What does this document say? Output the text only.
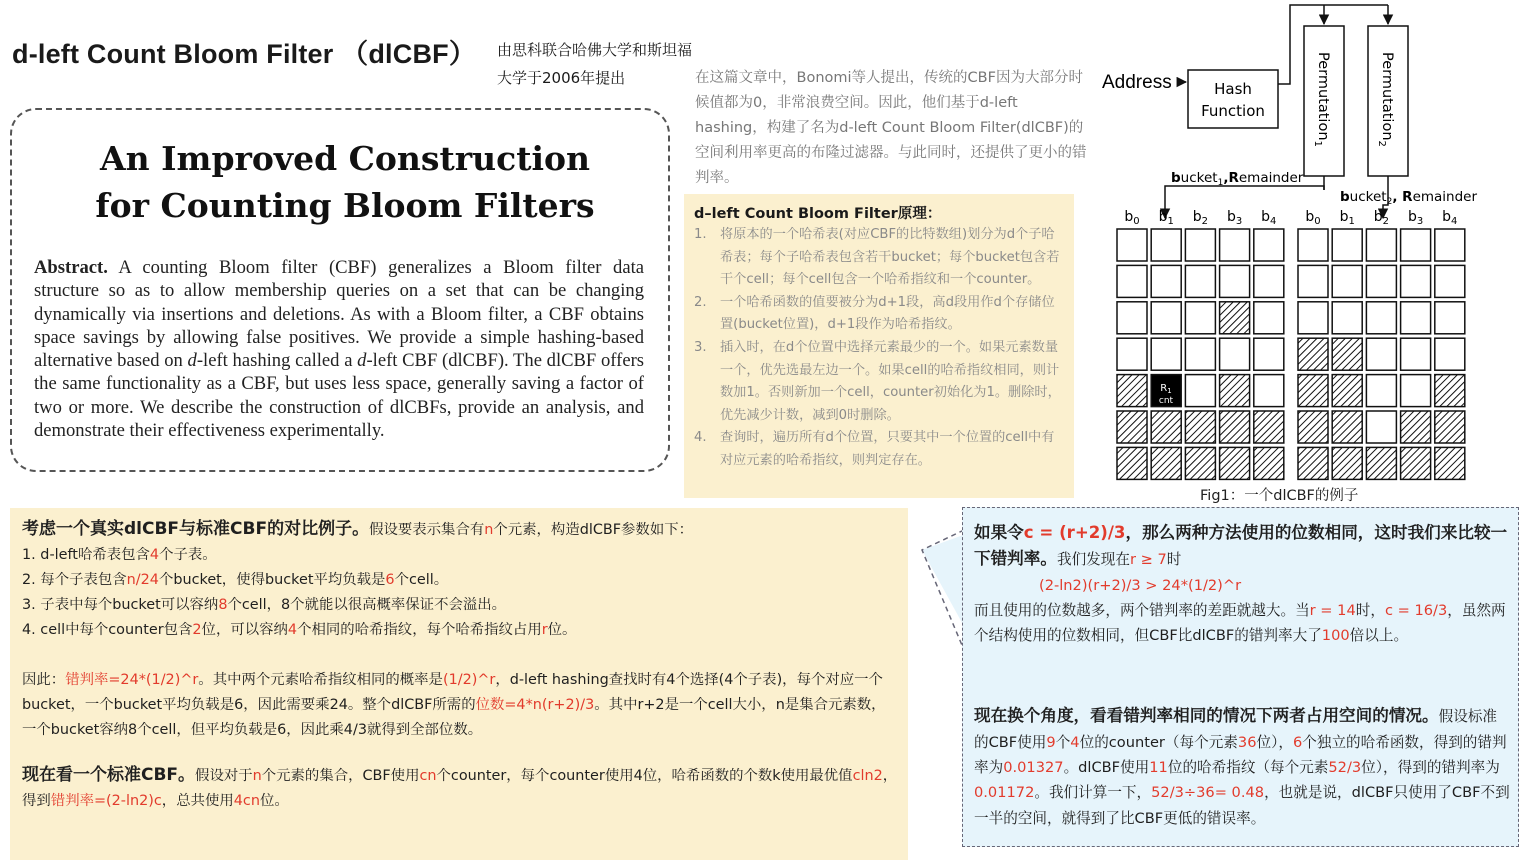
d-left Count Bloom Filter （dlCBF） 由思科联合哈佛大学和斯坦福大学于2006年提出
An Improved Construction
for Counting Bloom Filters
Abstract. A counting Bloom filter (CBF) generalizes a Bloom filter data structure so as to allow membership queries on a set that can be changing dynamically via insertions and deletions. As with a Bloom filter, a CBF obtains space savings by allowing false positives. We provide a simple hashing-based alternative based on d-left hashing called a d-left CBF (dlCBF). The dlCBF offers the same functionality as a CBF, but uses less space, generally saving a factor of two or more. We describe the construction of dlCBFs, provide an analysis, and demonstrate their effectiveness experimentally.
在这篇文章中，Bonomi等人提出，传统的CBF因为大部分时候值都为0，非常浪费空间。因此，他们基于d-left hashing，构建了名为d-left Count Bloom Filter(dlCBF)的空间利用率更高的布隆过滤器。与此同时，还提供了更小的错判率。
d–left Count Bloom Filter原理：
1. 将原本的一个哈希表(对应CBF的比特数组)划分为d个子哈希表；每个子哈希表包含若干bucket；每个bucket包含若干个cell；每个cell包含一个哈希指纹和一个counter。
2. 一个哈希函数的值要被分为d+1段，高d段用作d个存储位置(bucket位置)，d+1段作为哈希指纹。
3. 插入时，在d个位置中选择元素最少的一个。如果元素数量一个，优先选最左边一个。如果cell的哈希指纹相同，则计数加1。否则新加一个cell，counter初始化为1。删除时，优先减少计数，减到0时删除。
4. 查询时，遍历所有d个位置，只要其中一个位置的cell中有对应元素的哈希指纹，则判定存在。
Address	Hash
Function	Permutation$_1$
Permutation$_2$
bucket$_1$,Remainder
bucket$_2$, Remainder
$b_0$ $b_1$ $b_2$ $b_3$ $b_4$ $b_0$ $b_1$ $b_2$ $b_3$ $b_4$
$R_1$
cnt
Fig1：一个dlCBF的例子
考虑一个真实dlCBF与标准CBF的对比例子。假设要表示集合有n个元素，构造dlCBF参数如下：
1. d-left哈希表包含4个子表。
2. 每个子表包含n/24个bucket，使得bucket平均负载是6个cell。
3. 子表中每个bucket可以容纳8个cell，8个就能以很高概率保证不会溢出。
4. cell中每个counter包含2位，可以容纳4个相同的哈希指纹，每个哈希指纹占用r位。
因此：错判率=24*(1/2)^r。其中两个元素哈希指纹相同的概率是(1/2)^r，d-left hashing查找时有4个选择(4个子表)，每个对应一个bucket，一个bucket平均负载是6，因此需要乘24。整个dlCBF所需的位数=4*n(r+2)/3。其中r+2是一个cell大小，n是集合元素数，一个bucket容纳8个cell，但平均负载是6，因此乘4/3就得到全部位数。
现在看一个标准CBF。假设对于n个元素的集合，CBF使用cn个counter，每个counter使用4位，哈希函数的个数k使用最优值cln2，得到错判率=(2-ln2)c，总共使用4cn位。
如果令c = (r+2)/3，那么两种方法使用的位数相同，这时我们来比较一下错判率。我们发现在r ≥ 7时
(2-ln2)(r+2)/3 > 24*(1/2)^r
而且使用的位数越多，两个错判率的差距就越大。当r = 14时，c = 16/3，虽然两个结构使用的位数相同，但CBF比dlCBF的错判率大了100倍以上。
现在换个角度，看看错判率相同的情况下两者占用空间的情况。假设标准的CBF使用9个4位的counter（每个元素36位），6个独立的哈希函数，得到的错判率为0.01327。dlCBF使用11位的哈希指纹（每个元素52/3位），得到的错判率为0.01172。我们计算一下，52/3÷36= 0.48，也就是说，dlCBF只使用了CBF不到一半的空间，就得到了比CBF更低的错误率。
